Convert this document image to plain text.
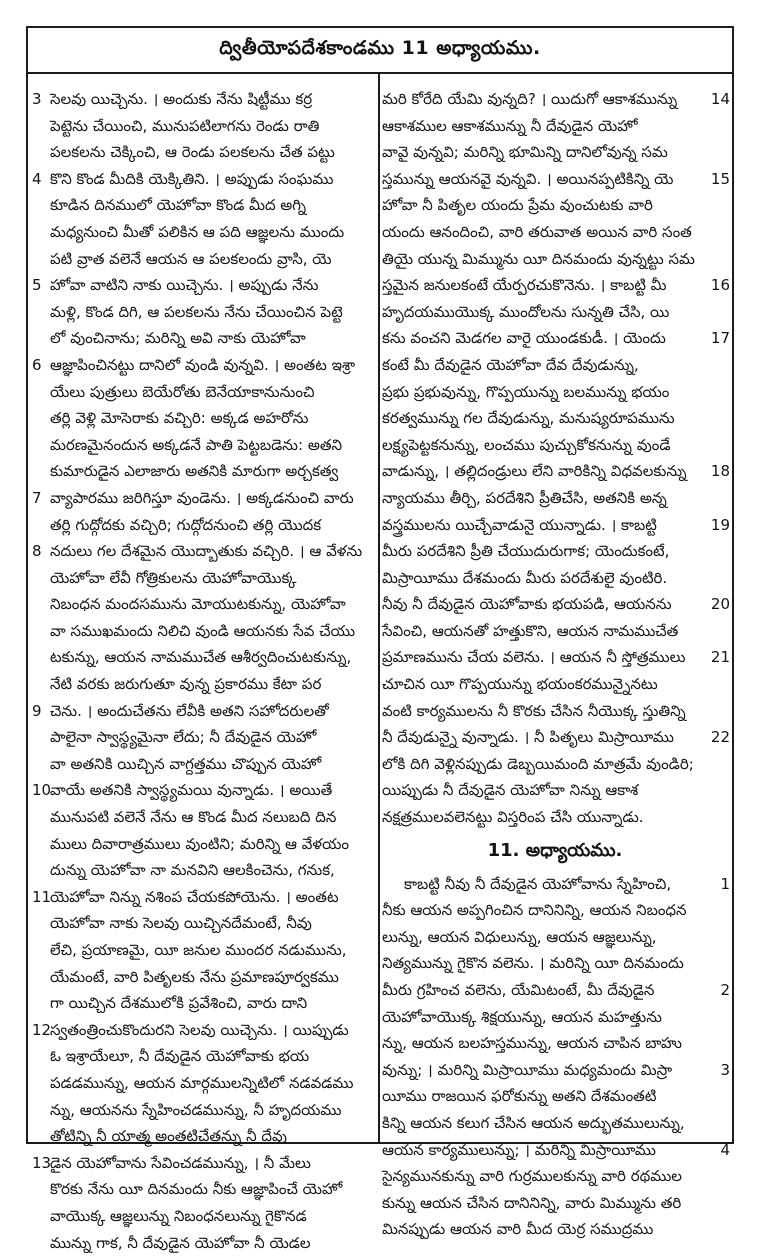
ద్వితీయోపదేశకాండము 11 అధ్యాయము.
3 సెలవు యిచ్చెను. । అందుకు నేను షిట్టీము కర్ర
పెట్టెను చేయించి, మునుపటిలాగను రెండు రాతి
పలకలను చెక్కించి, ఆ రెండు పలకలను చేత పట్టు
4 కొని కొండ మీదికి యెక్కితిని. । అప్పుడు సంఘము
కూడిన దినములో యెహోవా కొండ మీద అగ్ని
మధ్యనుంచి మీతో పలికిన ఆ పది ఆజ్ఞలను ముందు
పటి వ్రాత వలెనే ఆయన ఆ పలకలందు వ్రాసి, యె
5 హోవా వాటిని నాకు యిచ్చెను. । అప్పుడు నేను
మళ్లి, కొండ దిగి, ఆ పలకలను నేను చేయించిన పెట్టె
లో వుంచినాను; మరిన్ని అవి నాకు యెహోవా
6 ఆజ్ఞాపించినట్టు దానిలో వుండి వున్నవి. । అంతట ఇశ్రా
యేలు పుత్రులు బెయేరోతు బెనేయాకానునుంచి
తర్లి వెళ్లి మోసెరాకు వచ్చిరి: అక్కడ అహరోను
మరణమైనందున అక్కడనే పాతి పెట్టబడెను: అతని
కుమారుడైన ఎలాజారు అతనికి మారుగా అర్చకత్వ
7 వ్యాపారము జరిగిస్తూ వుండెను. । అక్కడనుంచి వారు
తర్లి గుద్గోదకు వచ్చిరి; గుద్గోదనుంచి తర్లి యొదక
8 నదులు గల దేశమైన యొద్బాతుకు వచ్చిరి. । ఆ వేళను
యెహోవా లేవీ గోత్రికులను యెహోవాయొక్క
నిబంధన మందసమును మోయుటకున్ను, యెహోవా
వా సముఖమందు నిలిచి వుండి ఆయనకు సేవ చేయు
టకున్ను, ఆయన నామముచేత ఆశీర్వదించుటకున్ను,
నేటి వరకు జరుగుతూ వున్న ప్రకారము కేటా పర
9 చెను. । అందుచేతను లేవీకి అతని సహోదరులతో
పాలైనా స్వాస్థ్యమైనా లేదు; నీ దేవుడైన యెహో
వా అతనికి యిచ్చిన వాగ్దత్తము చొప్పున యెహో
10
వాయే అతనికి స్వాస్థ్యమయి వున్నాడు. । అయితే
మునుపటి వలెనే నేను ఆ కొండ మీద నలుబది దిన
ములు దివారాత్రములు వుంటిని; మరిన్ని ఆ వేళయం
దున్ను యెహోవా నా మనవిని ఆలకించెను, గనుక,
11
యెహోవా నిన్ను నశింప చేయకపోయెను. । అంతట
యెహోవా నాకు సెలవు యిచ్చినదేమంటే, నీవు
లేచి, ప్రయాణమై, యీ జనుల ముందర నడుమును,
యేమంటే, వారి పితృలకు నేను ప్రమాణపూర్వకము
గా యిచ్చిన దేశములోకి ప్రవేశించి, వారు దాని
12
స్వతంత్రించుకొందురని సెలవు యిచ్చెను. । యిప్పుడు
ఓ ఇశ్రాయేలూ, నీ దేవుడైన యెహోవాకు భయ
పడడమున్ను, ఆయన మార్గములన్నిటిలో నడవడము
న్ను, ఆయనను స్నేహించడమున్ను, నీ హృదయము
తోటిన్ని నీ యాత్మ అంతటిచేతన్ను నీ దేవు
13
డైన యెహోవాను సేవించడమున్ను, । నీ మేలు
కొరకు నేను యీ దినమందు నీకు ఆజ్ఞాపించే యెహో
వాయొక్క ఆజ్ఞలున్ను నిబంధనలున్ను గైకొనడ
మున్ను గాక, నీ దేవుడైన యెహోవా నీ యెడల
14
మరి కోరేది యేమి వున్నది? । యిదుగో ఆకాశమున్ను
ఆకాశముల ఆకాశమున్ను నీ దేవుడైన యెహో
వావై వున్నవి; మరిన్ని భూమిన్ని దానిలోవున్న సమ
15
స్తమున్ను ఆయనవై వున్నవి. । అయినప్పటికిన్ని యె
హోవా నీ పితృల యందు ప్రేమ వుంచుటకు వారి
యందు ఆనందించి, వారి తరువాత అయిన వారి సంత
తియై యున్న మిమ్మును యీ దినమందు వున్నట్టు సమ
16
స్తమైన జనులకంటే యేర్పరచుకొనెను. । కాబట్టి మీ
హృదయముయొక్క ముందోలను సున్నతి చేసి, యి
17
కను వంచని మెడగల వారై యుండకుడీ. । యెందు
కంటే మీ దేవుడైన యెహోవా దేవ దేవుడున్ను,
ప్రభు ప్రభువున్ను, గొప్పయున్ను బలమున్ను భయం
కరత్వమున్ను గల దేవుడున్ను, మనుష్యరూపమును
లక్ష్యపెట్టకనున్ను, లంచము పుచ్చుకోకనున్ను వుండే
18
వాడున్ను, । తల్లిదండ్రులు లేని వారికిన్ని విధవలకున్ను
న్యాయము తీర్చి, పరదేశిని ప్రీతిచేసి, అతనికి అన్న
19
వస్త్రములను యిచ్చేవాడునై యున్నాడు. । కాబట్టి
మీరు పరదేశిని ప్రీతి చేయుదురుగాక; యెందుకంటే,
మిస్రాయీము దేశమందు మీరు పరదేశులై వుంటిరి.
20
నీవు నీ దేవుడైన యెహోవాకు భయపడి, ఆయనను
సేవించి, ఆయనతో హత్తుకొని, ఆయన నామముచేత
21
ప్రమాణమును చేయ వలెను. । ఆయన నీ స్తోత్రములు
చూచిన యీ గొప్పయున్ను భయంకరమున్నైనటు
వంటి కార్యములను నీ కొరకు చేసిన నీయొక్క స్తుతిన్ని
22
నీ దేవుడున్నై వున్నాడు. । నీ పితృలు మిస్రాయీము
లోకి దిగి వెళ్లినప్పుడు డెబ్బయిమంది మాత్రమే వుండిరి;
యిప్పుడు నీ దేవుడైన యెహోవా నిన్ను ఆకాశ
నక్షత్రములవలెనట్టు విస్తరింప చేసి యున్నాడు.
11. అధ్యాయము.
1
కాబట్టి నీవు నీ దేవుడైన యెహోవాను స్నేహించి,
నీకు ఆయన అప్పగించిన దానినిన్ని, ఆయన నిబంధన
లున్ను, ఆయన విధులున్ను, ఆయన ఆజ్ఞలున్ను,
నిత్యమున్ను గైకొన వలెను. । మరిన్ని యీ దినమందు
2
మీరు గ్రహించ వలెను, యేమిటంటే, మీ దేవుడైన
యెహోవాయొక్క శిక్షయున్ను, ఆయన మహత్తును
న్ను, ఆయన బలహస్తమున్ను, ఆయన చాపిన బాహు
3
వున్ను; । మరిన్ని మిస్రాయీము మధ్యమందు మిస్రా
యీము రాజయిన ఫరోకున్ను అతని దేశమంతటి
కిన్ని ఆయన కలుగ చేసిన ఆయన అద్భుతములున్ను,
4
ఆయన కార్యములున్ను; । మరిన్ని మిస్రాయీము
సైన్యమునకున్ను వారి గుర్రములకున్ను వారి రథముల
కున్ను ఆయన చేసిన దానినిన్ని, వారు మిమ్మును తరి
మినప్పుడు ఆయన వారి మీద యెర్ర సముద్రము
